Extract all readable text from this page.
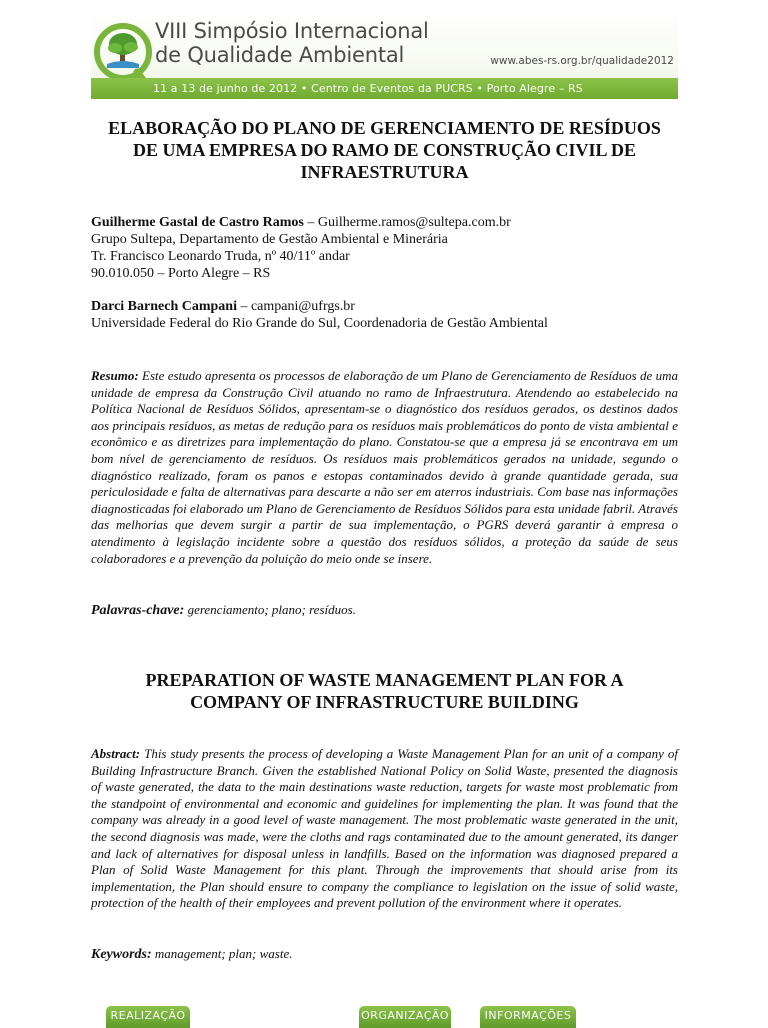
VIII Simpósio Internacional
de Qualidade Ambiental	www.abes-rs.org.br/qualidade2012
11 a 13 de junho de 2012 • Centro de Eventos da PUCRS • Porto Alegre – RS
ELABORAÇÃO DO PLANO DE GERENCIAMENTO DE RESÍDUOS
DE UMA EMPRESA DO RAMO DE CONSTRUÇÃO CIVIL DE
INFRAESTRUTURA
Guilherme Gastal de Castro Ramos – Guilherme.ramos@sultepa.com.br
Grupo Sultepa, Departamento de Gestão Ambiental e Minerária
Tr. Francisco Leonardo Truda, nº 40/11º andar
90.010.050 – Porto Alegre – RS
Darci Barnech Campani – campani@ufrgs.br
Universidade Federal do Rio Grande do Sul, Coordenadoria de Gestão Ambiental
Resumo: Este estudo apresenta os processos de elaboração de um Plano de Gerenciamento de Resíduos de uma unidade de empresa da Construção Civil atuando no ramo de Infraestrutura. Atendendo ao estabelecido na Política Nacional de Resíduos Sólidos, apresentam-se o diagnóstico dos resíduos gerados, os destinos dados aos principais resíduos, as metas de redução para os resíduos mais problemáticos do ponto de vista ambiental e econômico e as diretrizes para implementação do plano. Constatou-se que a empresa já se encontrava em um bom nível de gerenciamento de resíduos. Os resíduos mais problemáticos gerados na unidade, segundo o diagnóstico realizado, foram os panos e estopas contaminados devido à grande quantidade gerada, sua periculosidade e falta de alternativas para descarte a não ser em aterros industriais. Com base nas informações diagnosticadas foi elaborado um Plano de Gerenciamento de Resíduos Sólidos para esta unidade fabril. Através das melhorias que devem surgir a partir de sua implementação, o PGRS deverá garantir à empresa o atendimento à legislação incidente sobre a questão dos resíduos sólidos, a proteção da saúde de seus colaboradores e a prevenção da poluição do meio onde se insere.
Palavras-chave: gerenciamento; plano; resíduos.
PREPARATION OF WASTE MANAGEMENT PLAN FOR A
COMPANY OF INFRASTRUCTURE BUILDING
Abstract: This study presents the process of developing a Waste Management Plan for an unit of a company of Building Infrastructure Branch. Given the established National Policy on Solid Waste, presented the diagnosis of waste generated, the data to the main destinations waste reduction, targets for waste most problematic from the standpoint of environmental and economic and guidelines for implementing the plan. It was found that the company was already in a good level of waste management. The most problematic waste generated in the unit, the second diagnosis was made, were the cloths and rags contaminated due to the amount generated, its danger and lack of alternatives for disposal unless in landfills. Based on the information was diagnosed prepared a Plan of Solid Waste Management for this plant. Through the improvements that should arise from its implementation, the Plan should ensure to company the compliance to legislation on the issue of solid waste, protection of the health of their employees and prevent pollution of the environment where it operates.
Keywords: management; plan; waste.
REALIZAÇÃO	ORGANIZAÇÃO	INFORMAÇÕES
